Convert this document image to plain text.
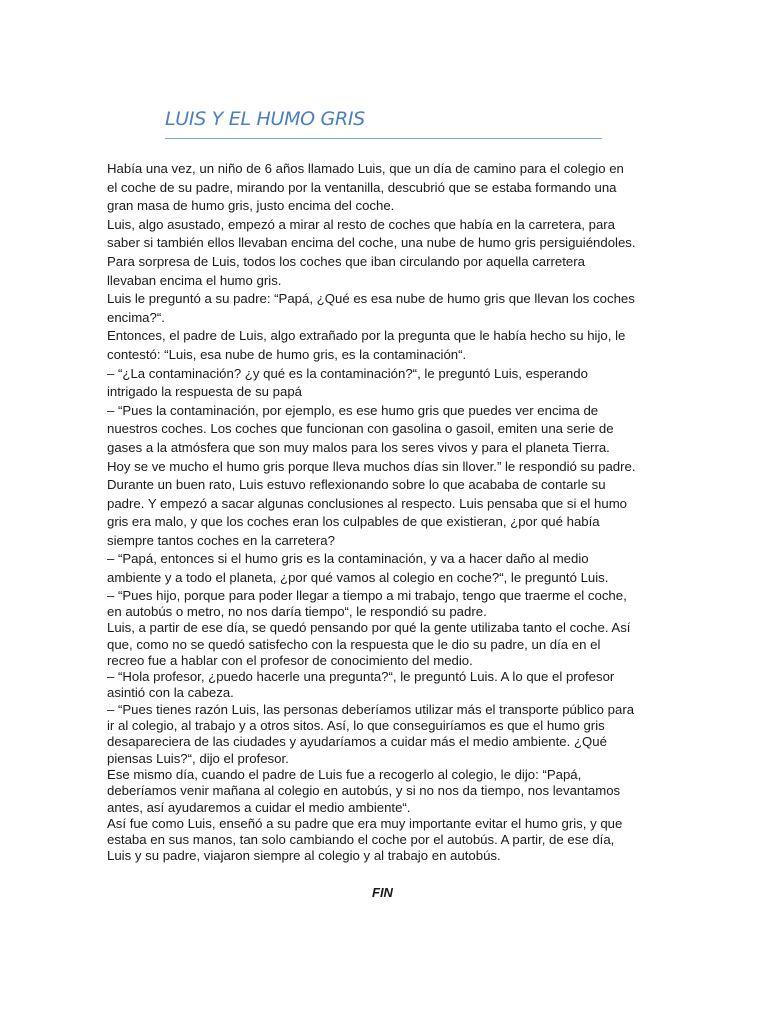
LUIS Y EL HUMO GRIS
Había una vez, un niño de 6 años llamado Luis, que un día de camino para el colegio en
el coche de su padre, mirando por la ventanilla, descubrió que se estaba formando una
gran masa de humo gris, justo encima del coche.
Luis, algo asustado, empezó a mirar al resto de coches que había en la carretera, para
saber si también ellos llevaban encima del coche, una nube de humo gris persiguiéndoles.
Para sorpresa de Luis, todos los coches que iban circulando por aquella carretera
llevaban encima el humo gris.
Luis le preguntó a su padre: “Papá, ¿Qué es esa nube de humo gris que llevan los coches
encima?“.
Entonces, el padre de Luis, algo extrañado por la pregunta que le había hecho su hijo, le
contestó: “Luis, esa nube de humo gris, es la contaminación“.
– “¿La contaminación? ¿y qué es la contaminación?“, le preguntó Luis, esperando
intrigado la respuesta de su papá
– “Pues la contaminación, por ejemplo, es ese humo gris que puedes ver encima de
nuestros coches. Los coches que funcionan con gasolina o gasoil, emiten una serie de
gases a la atmósfera que son muy malos para los seres vivos y para el planeta Tierra.
Hoy se ve mucho el humo gris porque lleva muchos días sin llover.” le respondió su padre.
Durante un buen rato, Luis estuvo reflexionando sobre lo que acababa de contarle su
padre. Y empezó a sacar algunas conclusiones al respecto. Luis pensaba que si el humo
gris era malo, y que los coches eran los culpables de que existieran, ¿por qué había
siempre tantos coches en la carretera?
– “Papá, entonces si el humo gris es la contaminación, y va a hacer daño al medio
ambiente y a todo el planeta, ¿por qué vamos al colegio en coche?“, le preguntó Luis.
– “Pues hijo, porque para poder llegar a tiempo a mi trabajo, tengo que traerme el coche,
en autobús o metro, no nos daría tiempo“, le respondió su padre.
Luis, a partir de ese día, se quedó pensando por qué la gente utilizaba tanto el coche. Así
que, como no se quedó satisfecho con la respuesta que le dio su padre, un día en el
recreo fue a hablar con el profesor de conocimiento del medio.
– “Hola profesor, ¿puedo hacerle una pregunta?“, le preguntó Luis. A lo que el profesor
asintió con la cabeza.
– “Pues tienes razón Luis, las personas deberíamos utilizar más el transporte público para
ir al colegio, al trabajo y a otros sitos. Así, lo que conseguiríamos es que el humo gris
desapareciera de las ciudades y ayudaríamos a cuidar más el medio ambiente. ¿Qué
piensas Luis?“, dijo el profesor.
Ese mismo día, cuando el padre de Luis fue a recogerlo al colegio, le dijo: “Papá,
deberíamos venir mañana al colegio en autobús, y si no nos da tiempo, nos levantamos
antes, así ayudaremos a cuidar el medio ambiente“.
Así fue como Luis, enseñó a su padre que era muy importante evitar el humo gris, y que
estaba en sus manos, tan solo cambiando el coche por el autobús. A partir, de ese día,
Luis y su padre, viajaron siempre al colegio y al trabajo en autobús.
FIN
